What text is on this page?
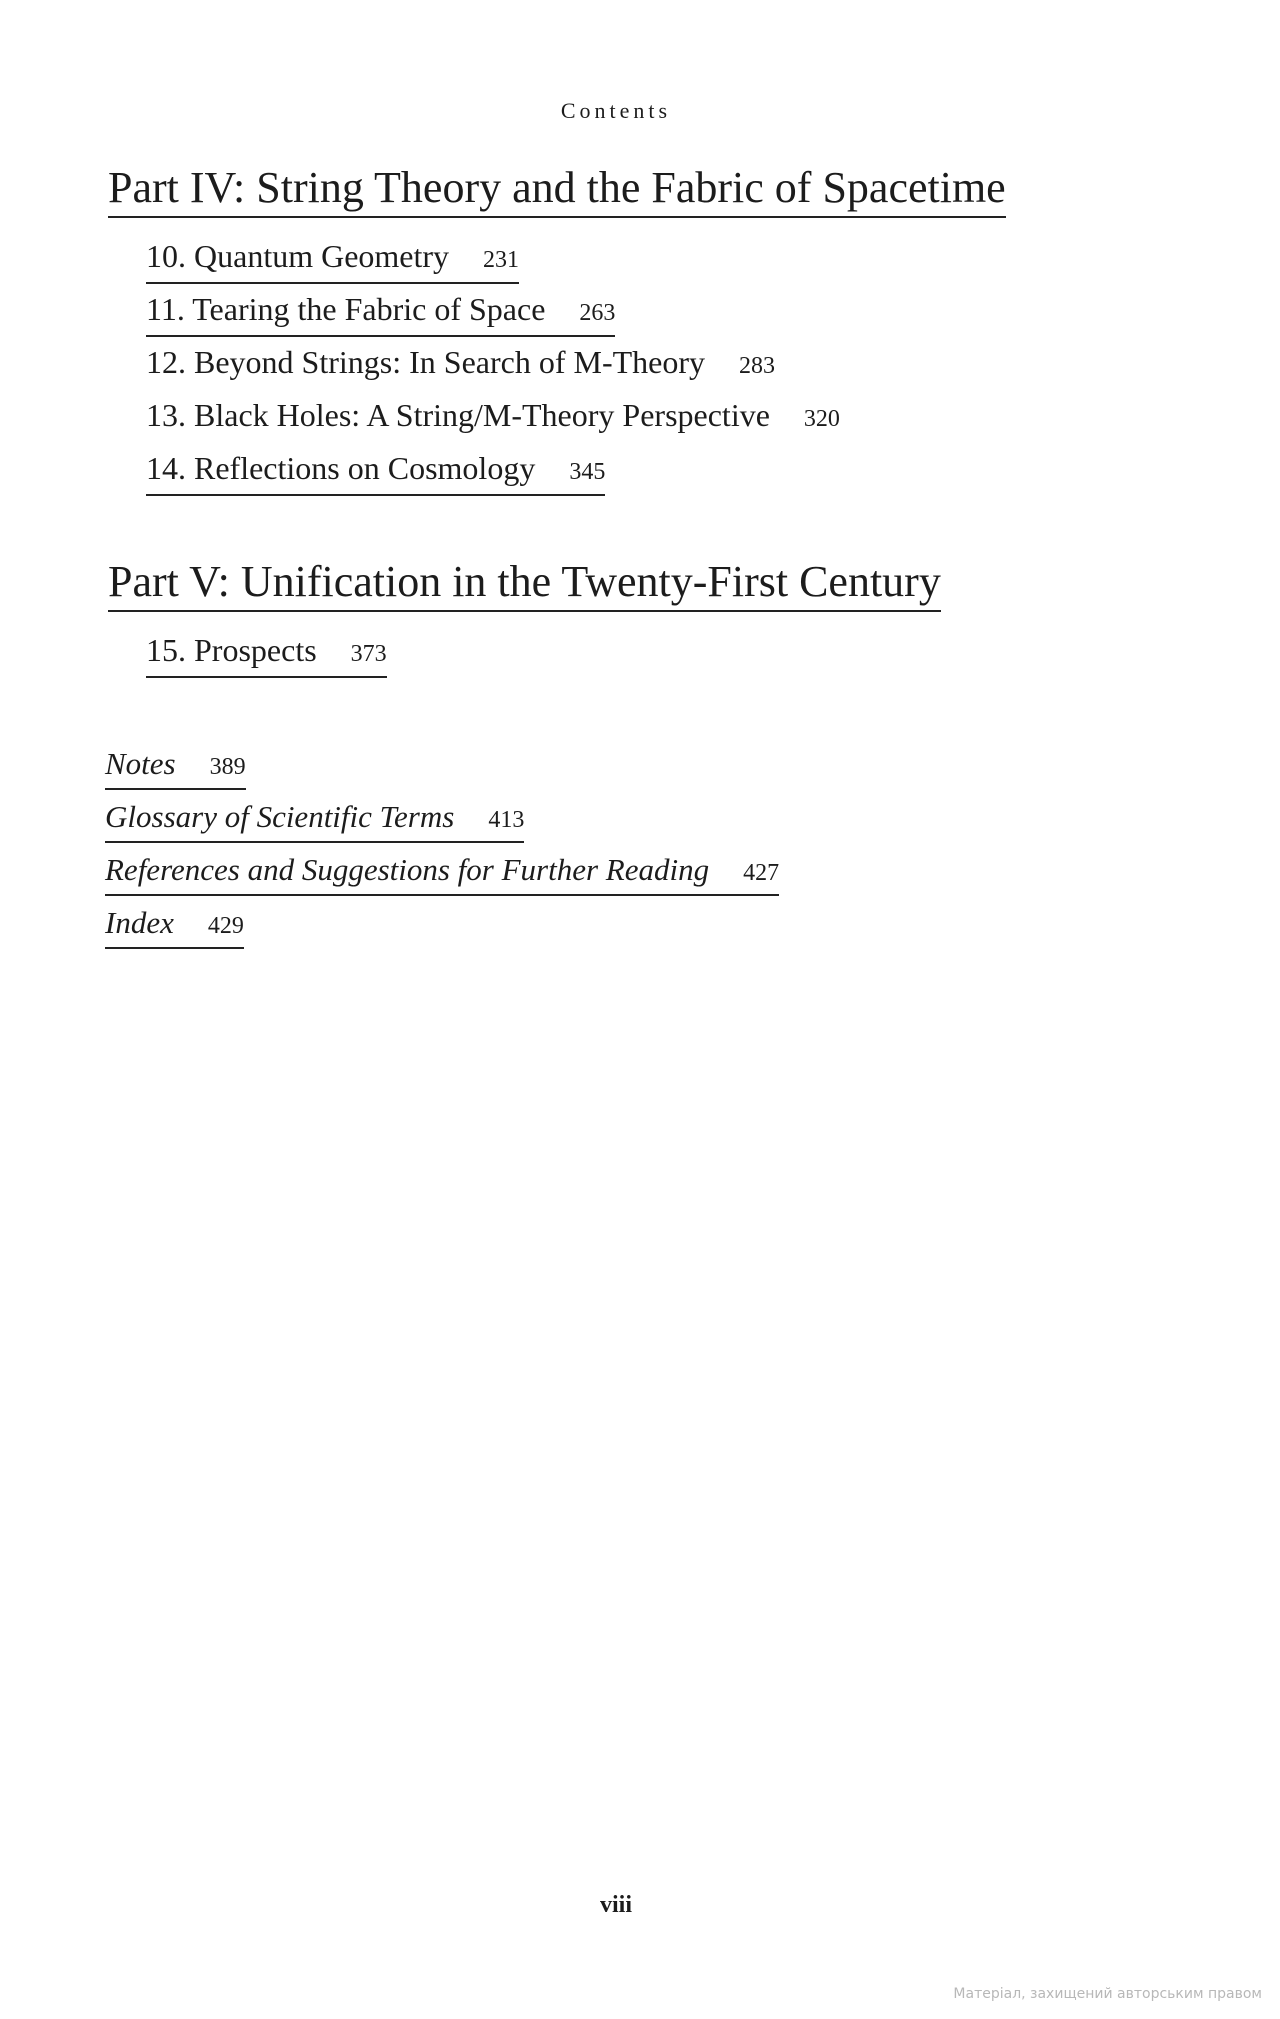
Contents
Part IV: String Theory and the Fabric of Spacetime
10. Quantum Geometry 231
11. Tearing the Fabric of Space 263
12. Beyond Strings: In Search of M-Theory 283
13. Black Holes: A String/M-Theory Perspective 320
14. Reflections on Cosmology 345
Part V: Unification in the Twenty-First Century
15. Prospects 373
Notes 389
Glossary of Scientific Terms 413
References and Suggestions for Further Reading 427
Index 429
viii
Матеріал, захищений авторським правом
